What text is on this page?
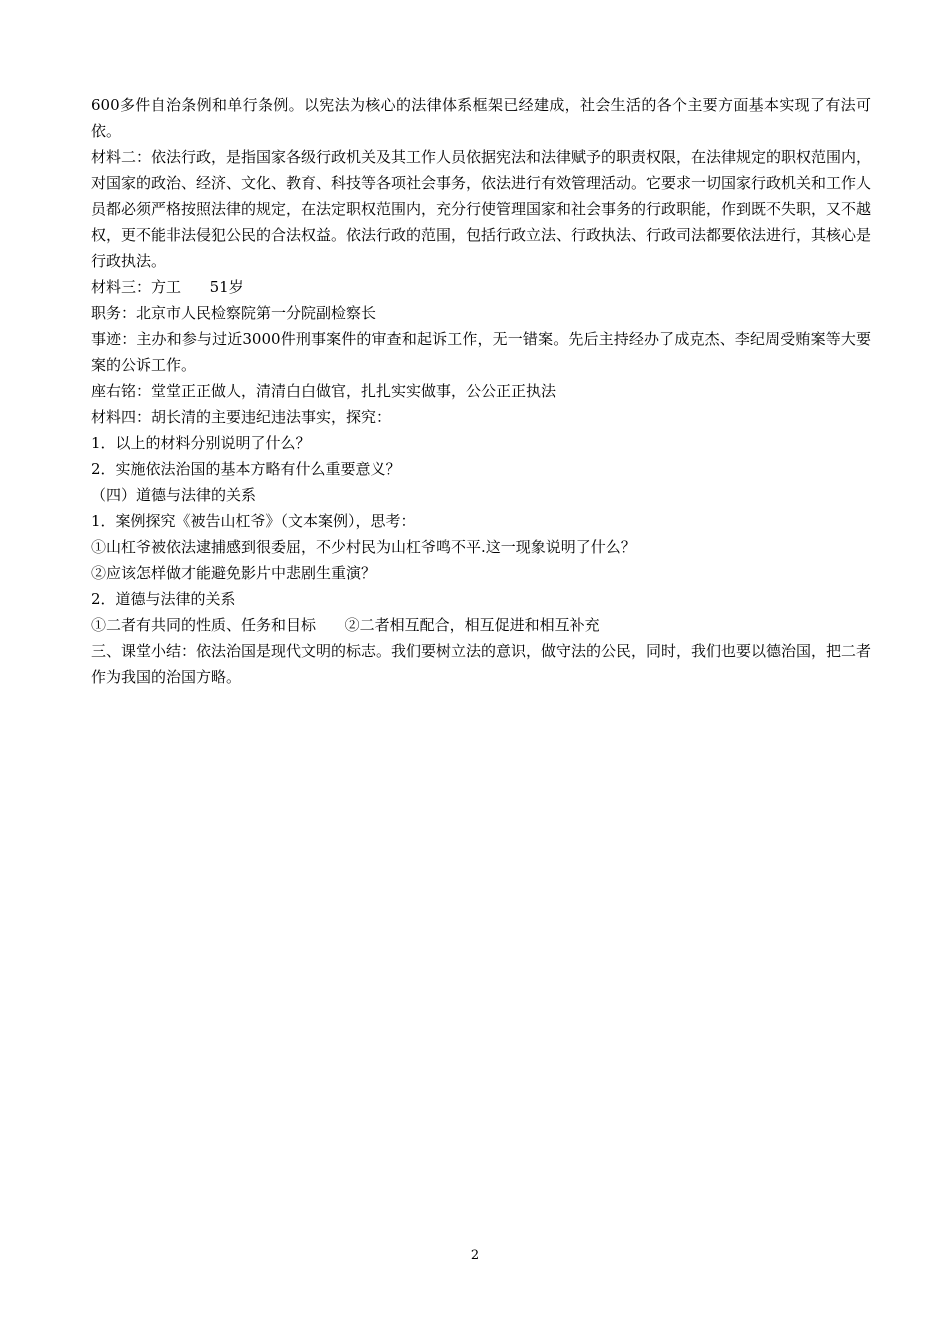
600多件自治条例和单行条例。以宪法为核心的法律体系框架已经建成，社会生活的各个主要方面基本实现了有法可依。

材料二：依法行政，是指国家各级行政机关及其工作人员依据宪法和法律赋予的职责权限，在法律规定的职权范围内，对国家的政治、经济、文化、教育、科技等各项社会事务，依法进行有效管理活动。它要求一切国家行政机关和工作人员都必须严格按照法律的规定，在法定职权范围内，充分行使管理国家和社会事务的行政职能，作到既不失职，又不越权，更不能非法侵犯公民的合法权益。依法行政的范围，包括行政立法、行政执法、行政司法都要依法进行，其核心是行政执法。

材料三：方工      51岁

职务：北京市人民检察院第一分院副检察长

事迹：主办和参与过近3000件刑事案件的审查和起诉工作，无一错案。先后主持经办了成克杰、李纪周受贿案等大要案的公诉工作。

座右铭：堂堂正正做人，清清白白做官，扎扎实实做事，公公正正执法

材料四：胡长清的主要违纪违法事实，探究：

1．以上的材料分别说明了什么？

2．实施依法治国的基本方略有什么重要意义？

（四）道德与法律的关系

1．案例探究《被告山杠爷》（文本案例），思考：

①山杠爷被依法逮捕感到很委屈，不少村民为山杠爷鸣不平.这一现象说明了什么？

②应该怎样做才能避免影片中悲剧生重演？

2．道德与法律的关系

①二者有共同的性质、任务和目标      ②二者相互配合，相互促进和相互补充

三、课堂小结：依法治国是现代文明的标志。我们要树立法的意识，做守法的公民，同时，我们也要以德治国，把二者作为我国的治国方略。

2
